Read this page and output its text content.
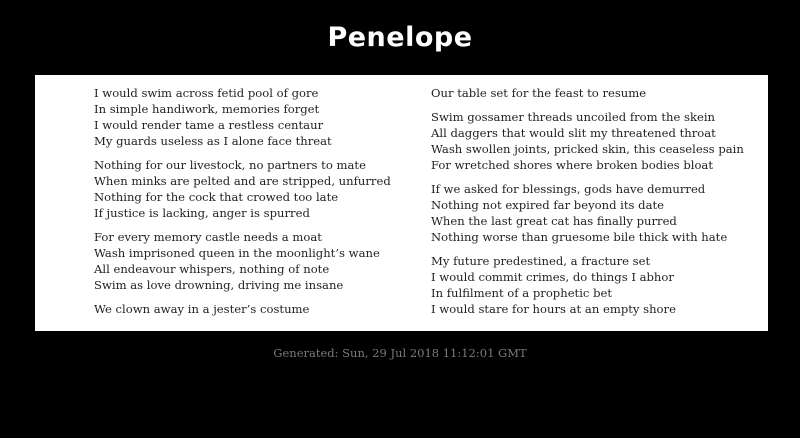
Penelope
I would swim across fetid pool of gore
In simple handiwork, memories forget
I would render tame a restless centaur
My guards useless as I alone face threat
Nothing for our livestock, no partners to mate
When minks are pelted and are stripped, unfurred
Nothing for the cock that crowed too late
If justice is lacking, anger is spurred
For every memory castle needs a moat
Wash imprisoned queen in the moonlight’s wane
All endeavour whispers, nothing of note
Swim as love drowning, driving me insane
We clown away in a jester’s costume
Our table set for the feast to resume
Swim gossamer threads uncoiled from the skein
All daggers that would slit my threatened throat
Wash swollen joints, pricked skin, this ceaseless pain
For wretched shores where broken bodies bloat
If we asked for blessings, gods have demurred
Nothing not expired far beyond its date
When the last great cat has finally purred
Nothing worse than gruesome bile thick with hate
My future predestined, a fracture set
I would commit crimes, do things I abhor
In fulfilment of a prophetic bet
I would stare for hours at an empty shore
Generated: Sun, 29 Jul 2018 11:12:01 GMT
